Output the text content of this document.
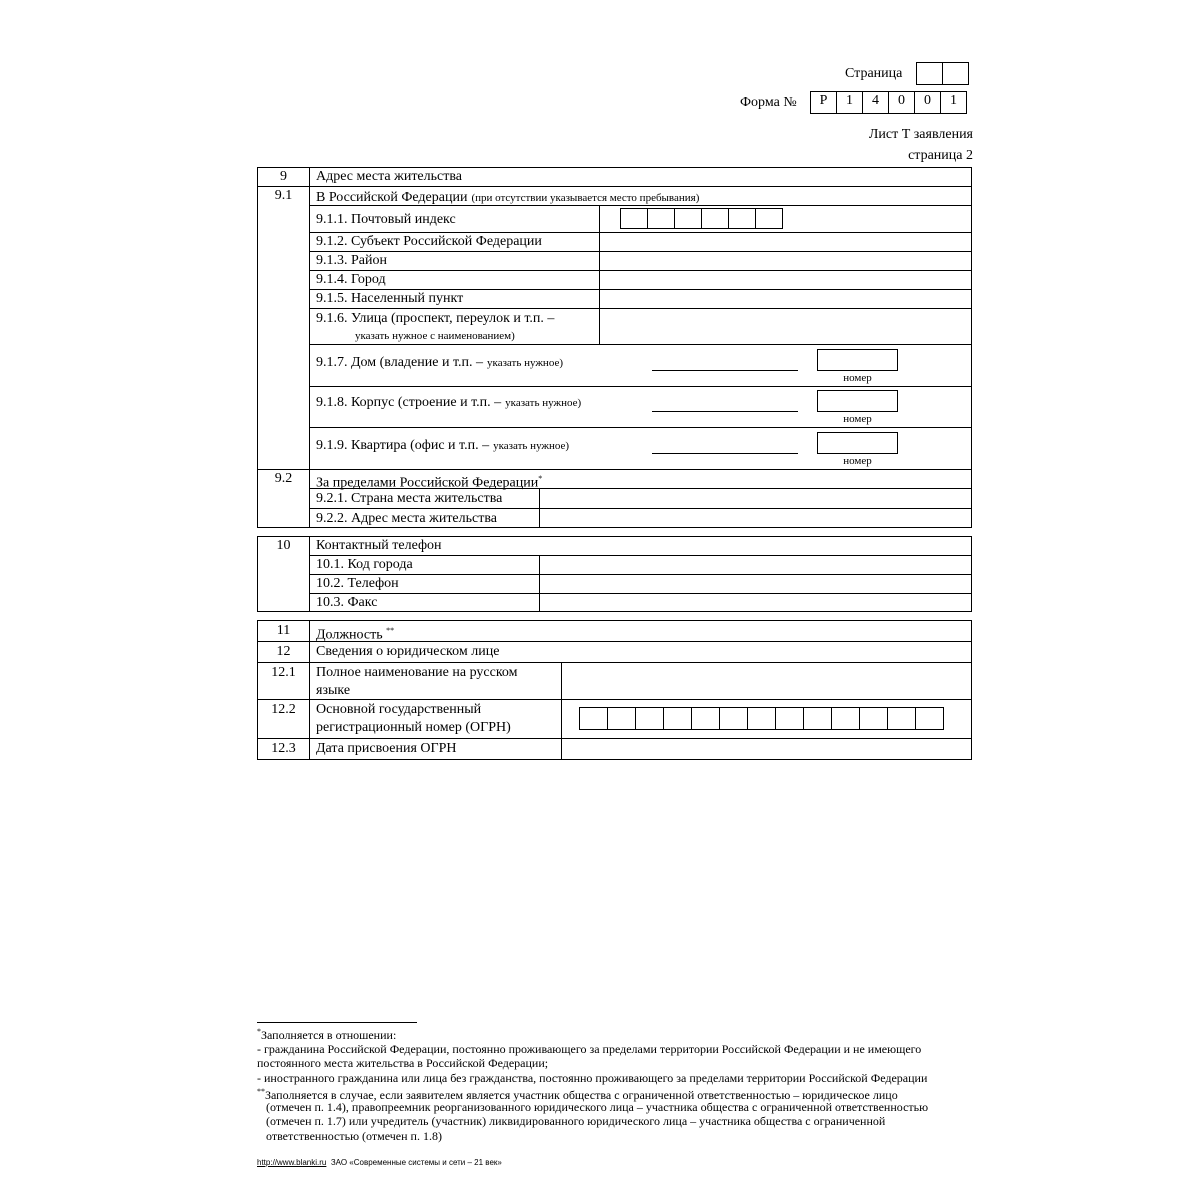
Страница
Форма №	Р	1	4	0	0	1
Лист Т заявления
страница 2
9	Адрес места жительства
9.1	В Российской Федерации (при отсутствии указывается место пребывания)
9.1.1. Почтовый индекс
9.1.2. Субъект Российской Федерации
9.1.3. Район
9.1.4. Город
9.1.5. Населенный пункт
9.1.6. Улица (проспект, переулок и т.п. –
указать нужное с наименованием)
9.1.7. Дом (владение и т.п. – указать нужное)
номер
9.1.8. Корпус (строение и т.п. – указать нужное)
номер
9.1.9. Квартира (офис и т.п. – указать нужное)
номер
9.2	За пределами Российской Федерации*
9.2.1. Страна места жительства
9.2.2. Адрес места жительства
10	Контактный телефон
10.1. Код города
10.2. Телефон
10.3. Факс
11	Должность **
12	Сведения о юридическом лице
12.1	Полное наименование на русском
языке
12.2	Основной государственный
регистрационный номер (ОГРН)
12.3	Дата присвоения ОГРН
*Заполняется в отношении:
- гражданина Российской Федерации, постоянно проживающего за пределами территории Российской Федерации и не имеющего
постоянного места жительства в Российской Федерации;
- иностранного гражданина или лица без гражданства, постоянно проживающего за пределами территории Российской Федерации
**Заполняется в случае, если заявителем является участник общества с ограниченной ответственностью – юридическое лицо
(отмечен п. 1.4), правопреемник реорганизованного юридического лица – участника общества с ограниченной ответственностью
(отмечен п. 1.7) или учредитель (участник) ликвидированного юридического лица – участника общества с ограниченной
ответственностью (отмечен п. 1.8)
http://www.blanki.ru ЗАО «Современные системы и сети – 21 век»
